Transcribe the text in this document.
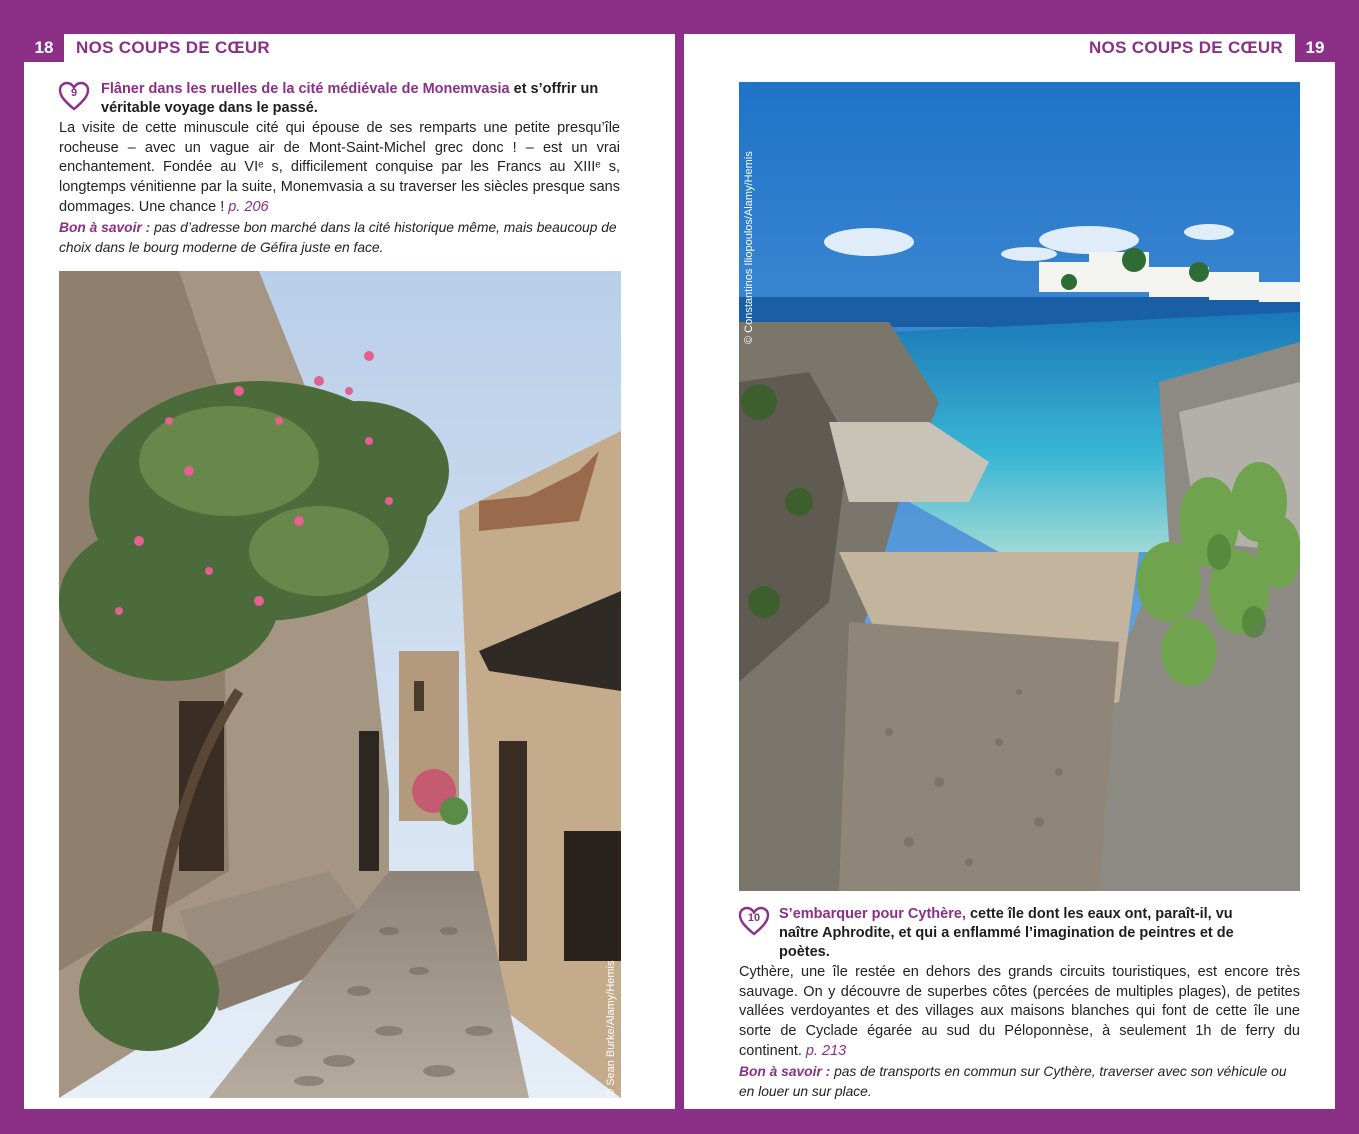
18	NOS COUPS DE CŒUR
9	Flâner dans les ruelles de la cité médiévale de Monemvasia et s’offrir un véritable voyage dans le passé.
La visite de cette minuscule cité qui épouse de ses remparts une petite presqu’île rocheuse – avec un vague air de Mont-Saint-Michel grec donc ! – est un vrai enchantement. Fondée au VIᵉ s, difficilement conquise par les Francs au XIIIᵉ s, longtemps vénitienne par la suite, Monemvasia a su traverser les siècles presque sans dommages. Une chance ! p. 206
Bon à savoir : pas d’adresse bon marché dans la cité historique même, mais beaucoup de choix dans le bourg moderne de Géfira juste en face.
© Sean Burke/Alamy/Hemis
NOS COUPS DE CŒUR	19
© Constantinos Iliopoulos/Alamy/Hemis
10	S’embarquer pour Cythère, cette île dont les eaux ont, paraît-il, vu naître Aphrodite, et qui a enflammé l’imagination de peintres et de poètes.
Cythère, une île restée en dehors des grands circuits touristiques, est encore très sauvage. On y découvre de superbes côtes (percées de multiples plages), de petites vallées verdoyantes et des villages aux maisons blanches qui font de cette île une sorte de Cyclade égarée au sud du Péloponnèse, à seulement 1h de ferry du continent. p. 213
Bon à savoir : pas de transports en commun sur Cythère, traverser avec son véhicule ou en louer un sur place.
